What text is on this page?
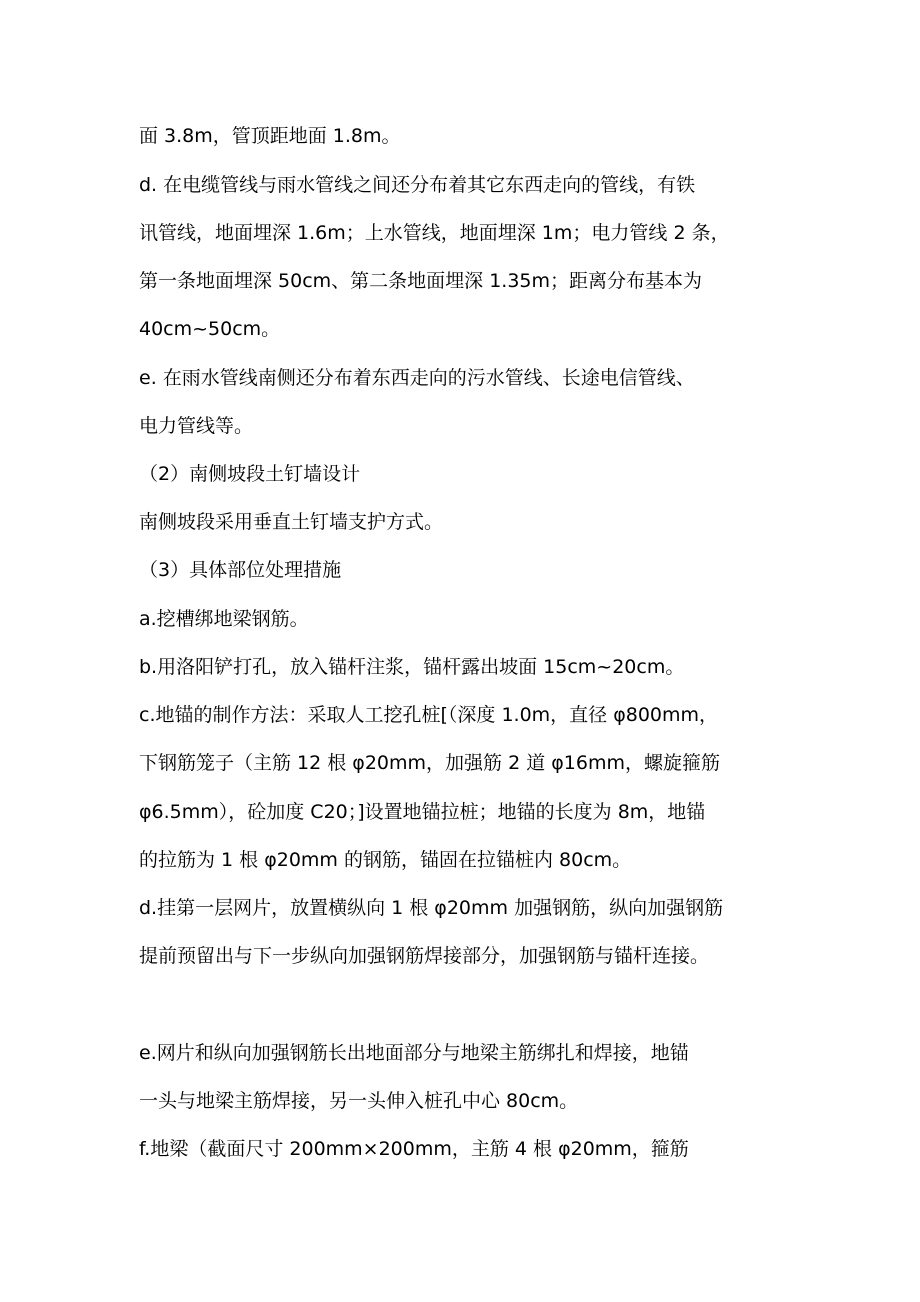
面 3.8m，管顶距地面 1.8m。
d. 在电缆管线与雨水管线之间还分布着其它东西走向的管线，有铁
讯管线，地面埋深 1.6m；上水管线，地面埋深 1m；电力管线 2 条，
第一条地面埋深 50cm、第二条地面埋深 1.35m；距离分布基本为
40cm~50cm。
e. 在雨水管线南侧还分布着东西走向的污水管线、长途电信管线、
电力管线等。
（2）南侧坡段土钉墙设计
南侧坡段采用垂直土钉墙支护方式。
（3）具体部位处理措施
a.挖槽绑地梁钢筋。
b.用洛阳铲打孔，放入锚杆注浆，锚杆露出坡面 15cm~20cm。
c.地锚的制作方法：采取人工挖孔桩[（深度 1.0m，直径 φ800mm，
下钢筋笼子（主筋 12 根 φ20mm，加强筋 2 道 φ16mm，螺旋箍筋
φ6.5mm），砼加度 C20；]设置地锚拉桩；地锚的长度为 8m，地锚
的拉筋为 1 根 φ20mm 的钢筋，锚固在拉锚桩内 80cm。
d.挂第一层网片，放置横纵向 1 根 φ20mm 加强钢筋，纵向加强钢筋
提前预留出与下一步纵向加强钢筋焊接部分，加强钢筋与锚杆连接。
e.网片和纵向加强钢筋长出地面部分与地梁主筋绑扎和焊接，地锚
一头与地梁主筋焊接，另一头伸入桩孔中心 80cm。
f.地梁（截面尺寸 200mm×200mm，主筋 4 根 φ20mm，箍筋
